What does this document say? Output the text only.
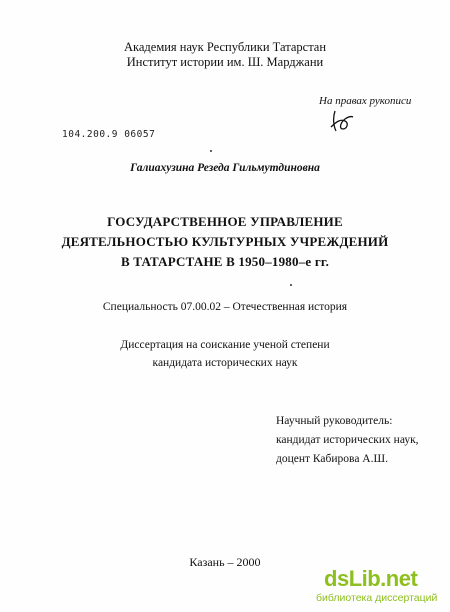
Академия наук Республики Татарстан
Институт истории им. Ш. Марджани
На правах рукописи
104.200.9 06057
Галиахузина Резеда Гильмутдиновна
ГОСУДАРСТВЕННОЕ УПРАВЛЕНИЕ
ДЕЯТЕЛЬНОСТЬЮ КУЛЬТУРНЫХ УЧРЕЖДЕНИЙ
В ТАТАРСТАНЕ В 1950–1980–е гг.
Специальность 07.00.02 – Отечественная история
Диссертация на соискание ученой степени
кандидата исторических наук
Научный руководитель:
кандидат исторических наук,
доцент Кабирова А.Ш.
Казань – 2000
dsLib.net
библиотека диссертаций
